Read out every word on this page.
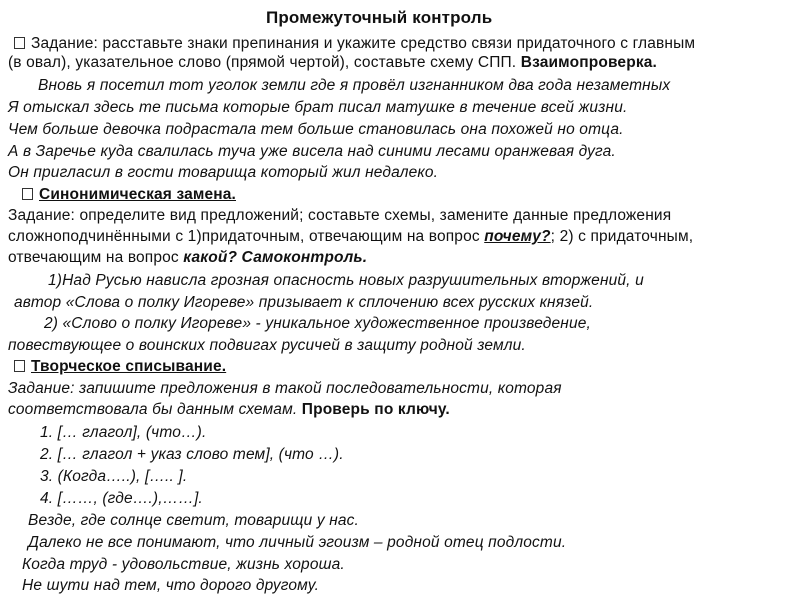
Промежуточный контроль
Задание: расставьте знаки препинания и укажите средство связи придаточного с главным
(в овал), указательное слово (прямой чертой), составьте схему СПП. Взаимопроверка.
Вновь я посетил тот уголок земли где я провёл изгнанником два года незаметных
Я отыскал здесь те письма которые брат писал матушке в течение всей жизни.
Чем больше девочка подрастала тем больше становилась она похожей но отца.
А в Заречье куда свалилась туча уже висела над синими лесами оранжевая дуга.
Он пригласил в гости товарища который жил недалеко.
Синонимическая замена.
Задание: определите вид предложений; составьте схемы, замените данные предложения
сложноподчинёнными с 1)придаточным, отвечающим на вопрос почему?; 2) с придаточным,
отвечающим на вопрос какой? Самоконтроль.
1)Над Русью нависла грозная опасность новых разрушительных вторжений, и
автор «Слова о полку Игореве» призывает к сплочению всех русских князей.
2) «Слово о полку Игореве» - уникальное художественное произведение,
повествующее о воинских подвигах русичей в защиту родной земли.
Творческое списывание.
Задание: запишите предложения в такой последовательности, которая
соответствовала бы данным схемам. Проверь по ключу.
1. [… глагол], (что…).
2. [… глагол + указ слово тем], (что …).
3. (Когда…..), [….. ].
4. [……, (где….),……].
Везде, где солнце светит, товарищи у нас.
Далеко не все понимают, что личный эгоизм – родной отец подлости.
Когда труд - удовольствие, жизнь хороша.
Не шути над тем, что дорого другому.
